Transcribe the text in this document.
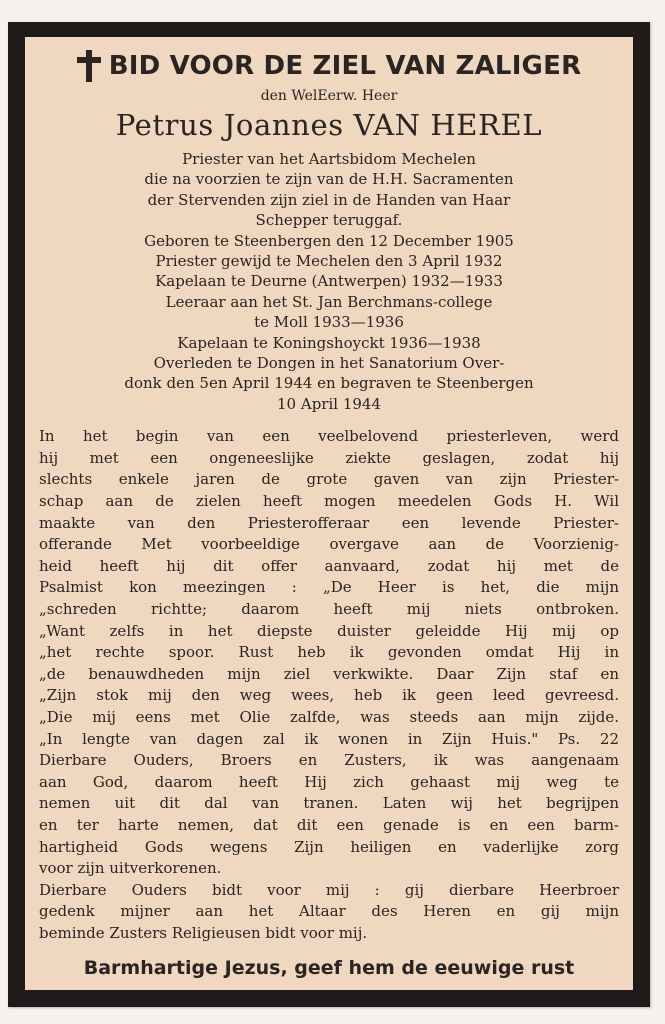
BID VOOR DE ZIEL VAN ZALIGER
den WelEerw. Heer
Petrus Joannes VAN HEREL
Priester van het Aartsbidom Mechelen
die na voorzien te zijn van de H.H. Sacramenten
der Stervenden zijn ziel in de Handen van Haar
Schepper teruggaf.
Geboren te Steenbergen den 12 December 1905
Priester gewijd te Mechelen den 3 April 1932
Kapelaan te Deurne (Antwerpen) 1932—1933
Leeraar aan het St. Jan Berchmans-college
te Moll 1933—1936
Kapelaan te Koningshoyckt 1936—1938
Overleden te Dongen in het Sanatorium Over-
donk den 5en April 1944 en begraven te Steenbergen
10 April 1944
In het begin van een veelbelovend priesterleven, werd
hij met een ongeneeslijke ziekte geslagen, zodat hij
slechts enkele jaren de grote gaven van zijn Priester-
schap aan de zielen heeft mogen meedelen Gods H. Wil
maakte van den Priesterofferaar een levende Priester-
offerande Met voorbeeldige overgave aan de Voorzienig-
heid heeft hij dit offer aanvaard, zodat hij met de
Psalmist kon meezingen : „De Heer is het, die mijn
„schreden richtte; daarom heeft mij niets ontbroken.
„Want zelfs in het diepste duister geleidde Hij mij op
„het rechte spoor. Rust heb ik gevonden omdat Hij in
„de benauwdheden mijn ziel verkwikte. Daar Zijn staf en
„Zijn stok mij den weg wees, heb ik geen leed gevreesd.
„Die mij eens met Olie zalfde, was steeds aan mijn zijde.
„In lengte van dagen zal ik wonen in Zijn Huis." Ps. 22
Dierbare Ouders, Broers en Zusters, ik was aangenaam
aan God, daarom heeft Hij zich gehaast mij weg te
nemen uit dit dal van tranen. Laten wij het begrijpen
en ter harte nemen, dat dit een genade is en een barm-
hartigheid Gods wegens Zijn heiligen en vaderlijke zorg
voor zijn uitverkorenen.
Dierbare Ouders bidt voor mij : gij dierbare Heerbroer
gedenk mijner aan het Altaar des Heren en gij mijn
beminde Zusters Religieusen bidt voor mij.
Barmhartige Jezus, geef hem de eeuwige rust
